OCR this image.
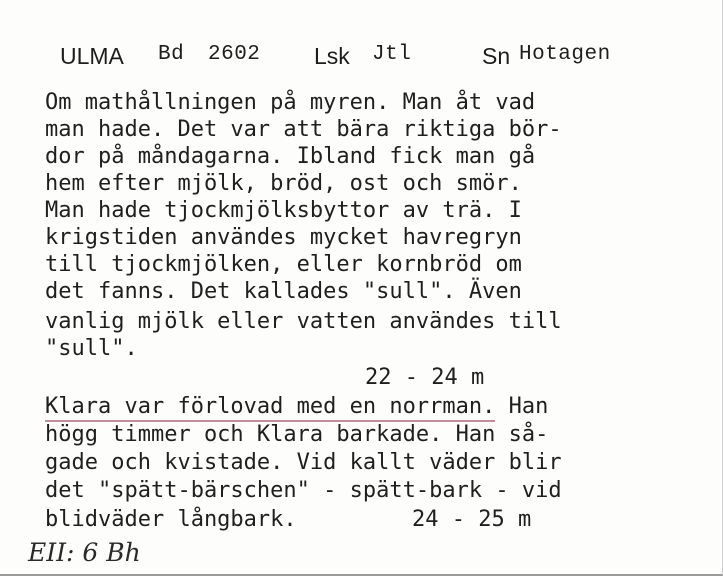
ULMA Bd 2602 Lsk Jtl	Sn Hotagen
Om mathållningen på myren. Man åt vad
man hade. Det var att bära riktiga bör-
dor på måndagarna. Ibland fick man gå
hem efter mjölk, bröd, ost och smör.
Man hade tjockmjölksbyttor av trä. I
krigstiden användes mycket havregryn
till tjockmjölken, eller kornbröd om
det fanns. Det kallades "sull". Även
vanlig mjölk eller vatten användes till
"sull".
22 - 24 m
Klara var förlovad med en norrman. Han
högg timmer och Klara barkade. Han så-
gade och kvistade. Vid kallt väder blir
det "spätt-bärschen" - spätt-bark - vid
blidväder långbark.	24 - 25 m
EII: 6 Bh
